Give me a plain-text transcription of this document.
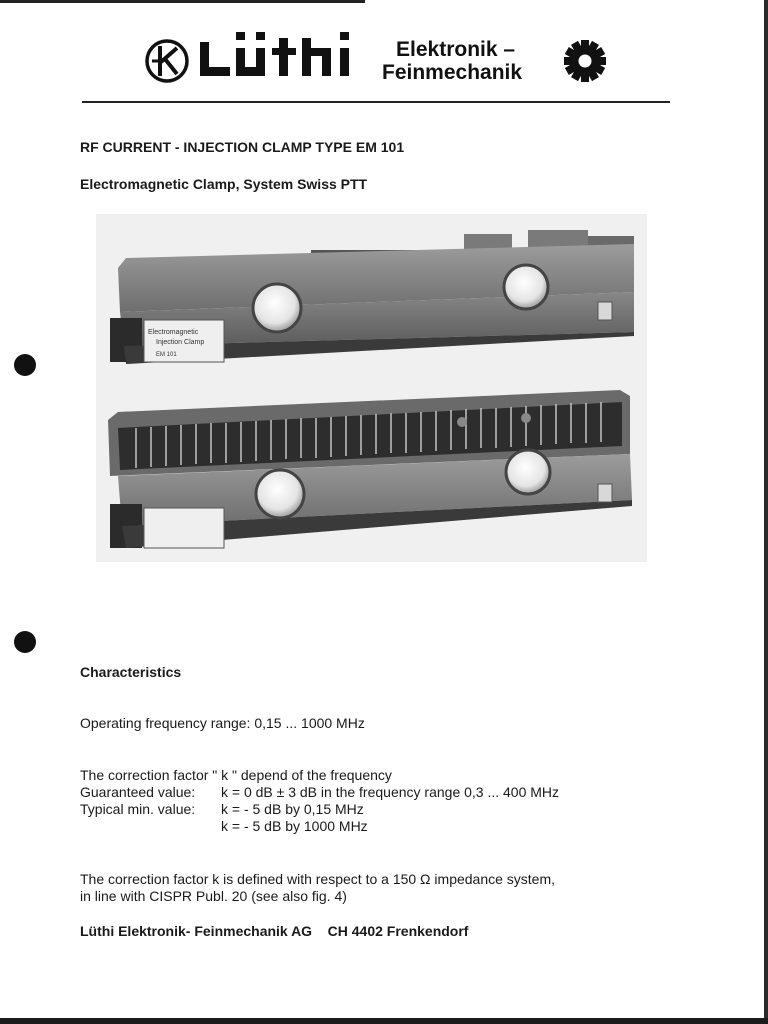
Elektronik –
Feinmechanik
RF CURRENT - INJECTION CLAMP TYPE EM 101
Electromagnetic Clamp, System Swiss PTT
Electromagnetic
Injection Clamp
EM 101
Characteristics
Operating frequency range: 0,15 ... 1000 MHz
The correction factor " k " depend of the frequency
Guaranteed value: k = 0 dB ± 3 dB in the frequency range 0,3 ... 400 MHz
Typical min. value: k = - 5 dB by 0,15 MHz
k = - 5 dB by 1000 MHz
The correction factor k is defined with respect to a 150 Ω impedance system,
in line with CISPR Publ. 20 (see also fig. 4)
Lüthi Elektronik- Feinmechanik AG CH 4402 Frenkendorf
